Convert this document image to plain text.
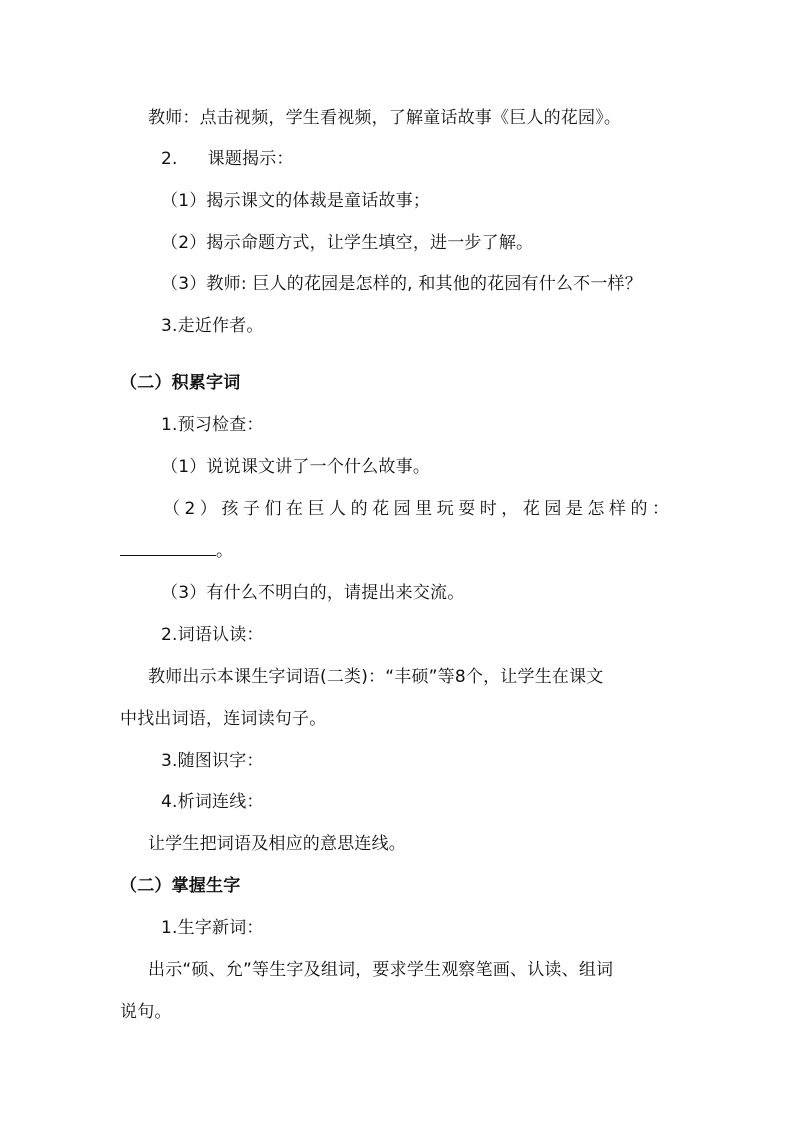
教师：点击视频，学生看视频，了解童话故事《巨人的花园》。
2. 课题揭示：
（1）揭示课文的体裁是童话故事；
（2）揭示命题方式，让学生填空，进一步了解。
（3）教师: 巨人的花园是怎样的, 和其他的花园有什么不一样？
3.走近作者。
（二）积累字词
1.预习检查：
（1）说说课文讲了一个什么故事。
（2）孩子们在巨人的花园里玩耍时，花园是怎样的：
。
（3）有什么不明白的，请提出来交流。
2.词语认读：
教师出示本课生字词语(二类)：“丰硕”等8个，让学生在课文
中找出词语，连词读句子。
3.随图识字：
4.析词连线：
让学生把词语及相应的意思连线。
（二）掌握生字
1.生字新词：
出示“硕、允”等生字及组词，要求学生观察笔画、认读、组词
说句。
